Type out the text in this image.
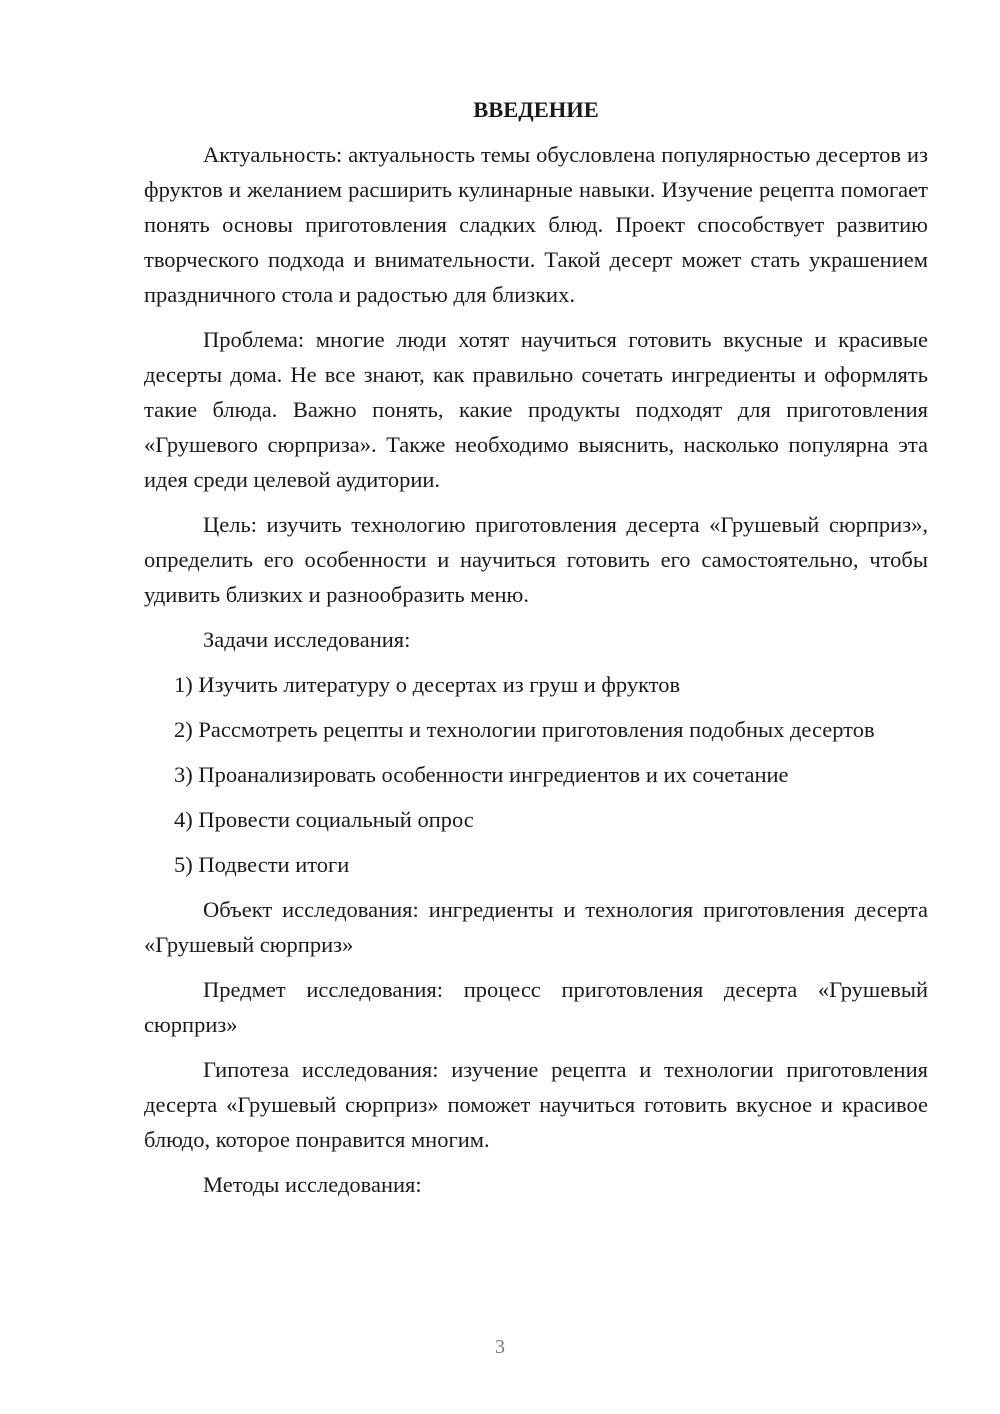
ВВЕДЕНИЕ

Актуальность: актуальность темы обусловлена популярностью десертов из фруктов и желанием расширить кулинарные навыки. Изучение рецепта помогает понять основы приготовления сладких блюд. Проект способствует развитию творческого подхода и внимательности. Такой десерт может стать украшением праздничного стола и радостью для близких.

Проблема: многие люди хотят научиться готовить вкусные и красивые десерты дома. Не все знают, как правильно сочетать ингредиенты и оформлять такие блюда. Важно понять, какие продукты подходят для приготовления «Грушевого сюрприза». Также необходимо выяснить, насколько популярна эта идея среди целевой аудитории.

Цель: изучить технологию приготовления десерта «Грушевый сюрприз», определить его особенности и научиться готовить его самостоятельно, чтобы удивить близких и разнообразить меню.

Задачи исследования:

1) Изучить литературу о десертах из груш и фруктов

2) Рассмотреть рецепты и технологии приготовления подобных десертов

3) Проанализировать особенности ингредиентов и их сочетание

4) Провести социальный опрос

5) Подвести итоги

Объект исследования: ингредиенты и технология приготовления десерта «Грушевый сюрприз»

Предмет исследования: процесс приготовления десерта «Грушевый сюрприз»

Гипотеза исследования: изучение рецепта и технологии приготовления десерта «Грушевый сюрприз» поможет научиться готовить вкусное и красивое блюдо, которое понравится многим.

Методы исследования:

3
